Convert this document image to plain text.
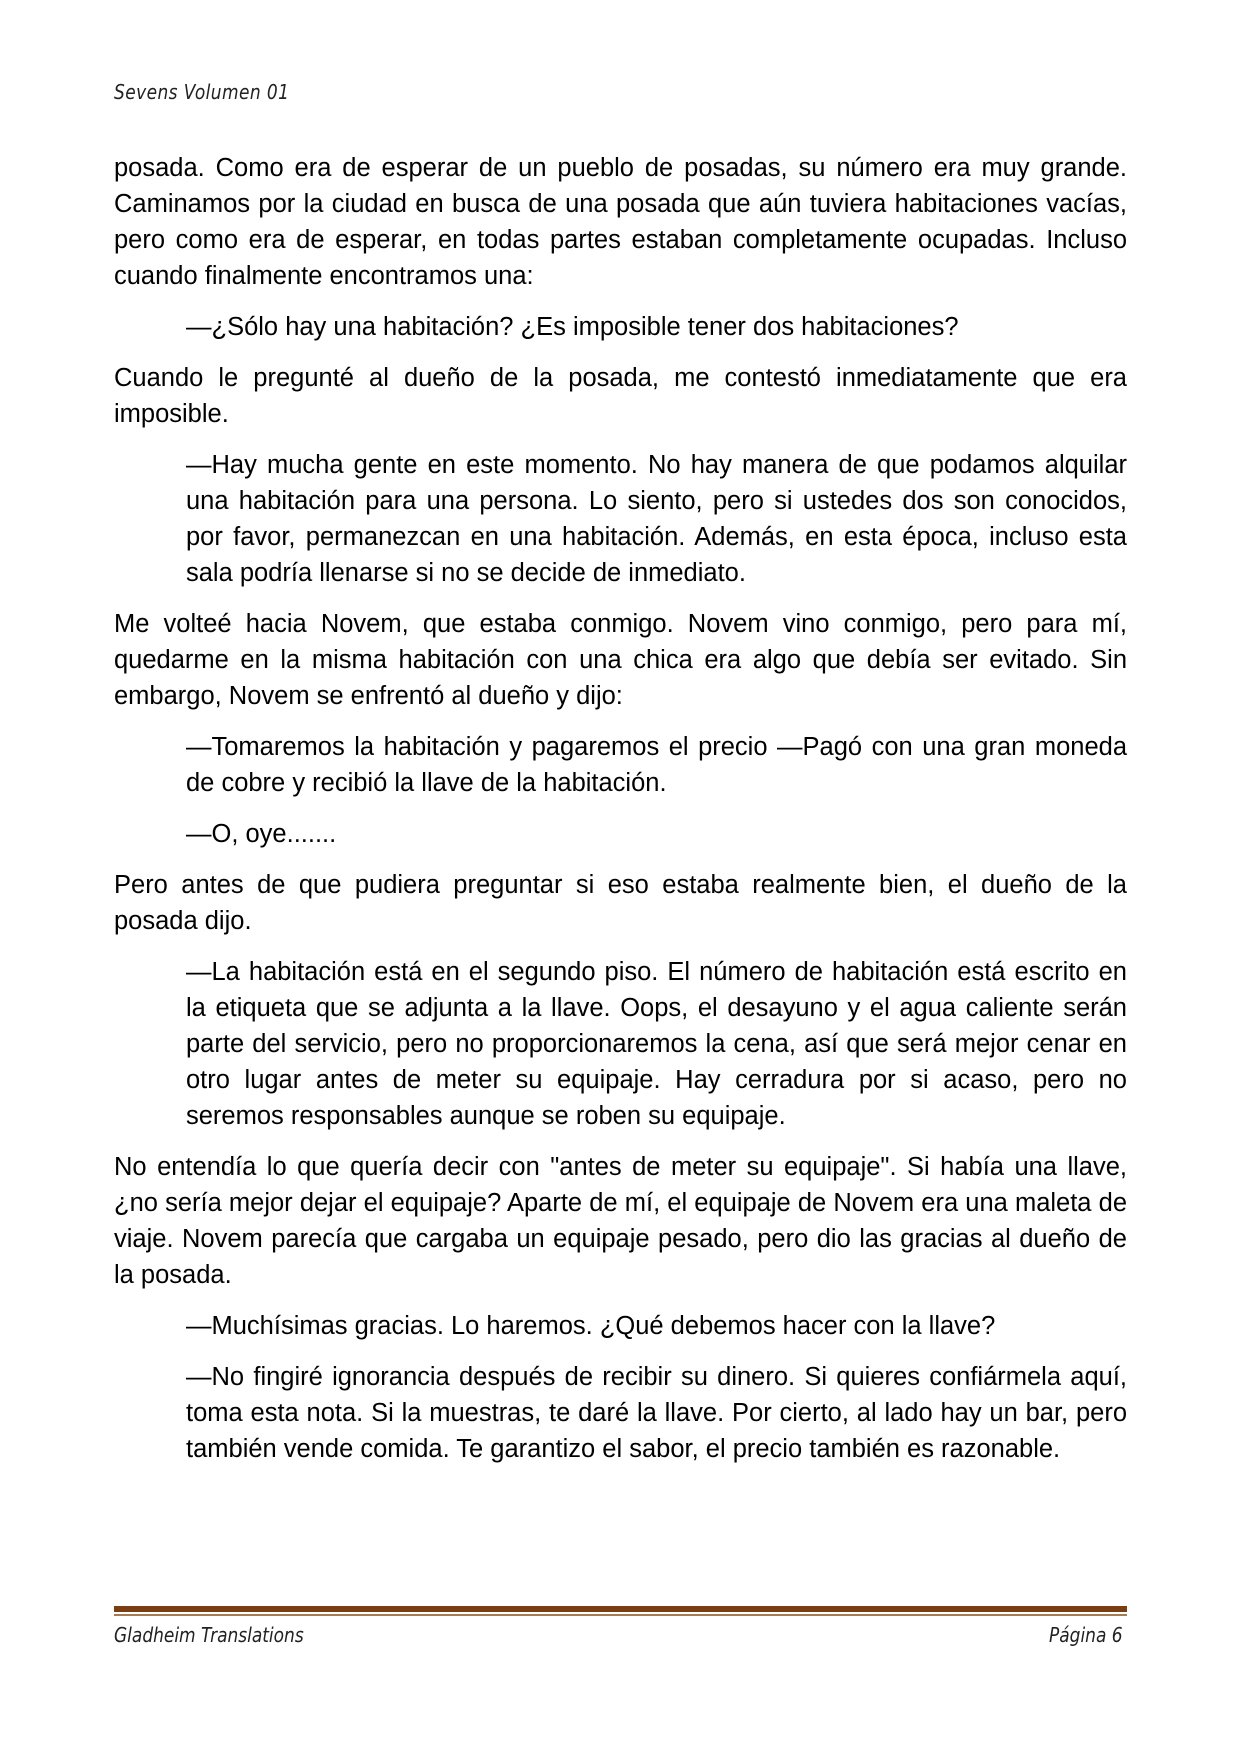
Sevens Volumen 01

posada. Como era de esperar de un pueblo de posadas, su número era muy grande. Caminamos por la ciudad en busca de una posada que aún tuviera habitaciones vacías, pero como era de esperar, en todas partes estaban completamente ocupadas. Incluso cuando finalmente encontramos una:

—¿Sólo hay una habitación? ¿Es imposible tener dos habitaciones?

Cuando le pregunté al dueño de la posada, me contestó inmediatamente que era imposible.

—Hay mucha gente en este momento. No hay manera de que podamos alquilar una habitación para una persona. Lo siento, pero si ustedes dos son conocidos, por favor, permanezcan en una habitación. Además, en esta época, incluso esta sala podría llenarse si no se decide de inmediato.

Me volteé hacia Novem, que estaba conmigo. Novem vino conmigo, pero para mí, quedarme en la misma habitación con una chica era algo que debía ser evitado. Sin embargo, Novem se enfrentó al dueño y dijo:

—Tomaremos la habitación y pagaremos el precio —Pagó con una gran moneda de cobre y recibió la llave de la habitación.

—O, oye.......

Pero antes de que pudiera preguntar si eso estaba realmente bien, el dueño de la posada dijo.

—La habitación está en el segundo piso. El número de habitación está escrito en la etiqueta que se adjunta a la llave. Oops, el desayuno y el agua caliente serán parte del servicio, pero no proporcionaremos la cena, así que será mejor cenar en otro lugar antes de meter su equipaje. Hay cerradura por si acaso, pero no seremos responsables aunque se roben su equipaje.

No entendía lo que quería decir con "antes de meter su equipaje". Si había una llave, ¿no sería mejor dejar el equipaje? Aparte de mí, el equipaje de Novem era una maleta de viaje. Novem parecía que cargaba un equipaje pesado, pero dio las gracias al dueño de la posada.

—Muchísimas gracias. Lo haremos. ¿Qué debemos hacer con la llave?

—No fingiré ignorancia después de recibir su dinero. Si quieres confiármela aquí, toma esta nota. Si la muestras, te daré la llave. Por cierto, al lado hay un bar, pero también vende comida. Te garantizo el sabor, el precio también es razonable.

Gladheim Translations	Página 6
